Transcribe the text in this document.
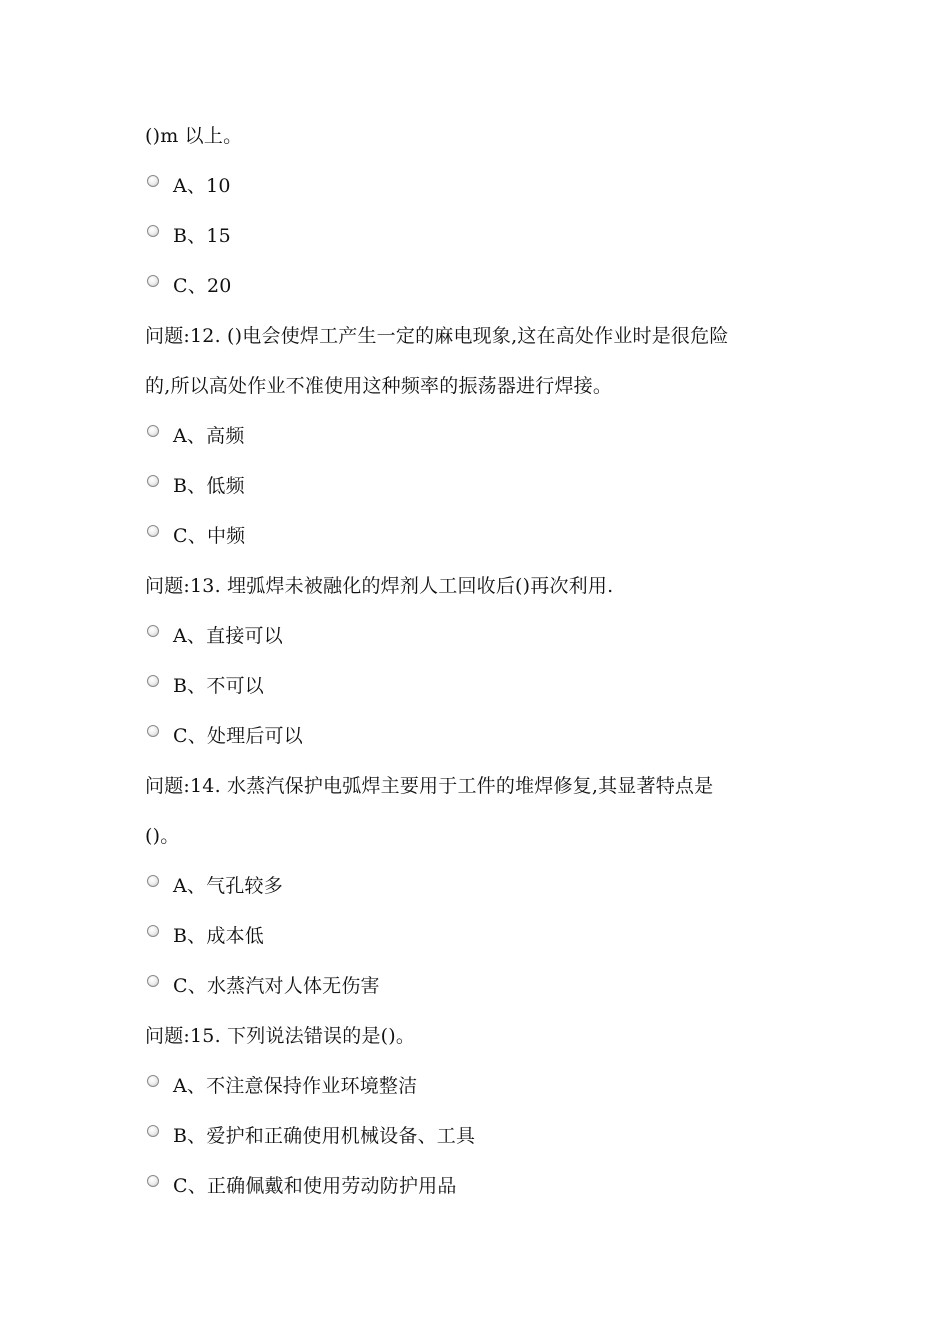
()m 以上。
A、10
B、15
C、20
问题:12. ()电会使焊工产生一定的麻电现象,这在高处作业时是很危险
的,所以高处作业不准使用这种频率的振荡器进行焊接。
A、高频
B、低频
C、中频
问题:13. 埋弧焊未被融化的焊剂人工回收后()再次利用.
A、直接可以
B、不可以
C、处理后可以
问题:14. 水蒸汽保护电弧焊主要用于工件的堆焊修复,其显著特点是
()。
A、气孔较多
B、成本低
C、水蒸汽对人体无伤害
问题:15. 下列说法错误的是()。
A、不注意保持作业环境整洁
B、爱护和正确使用机械设备、工具
C、正确佩戴和使用劳动防护用品
